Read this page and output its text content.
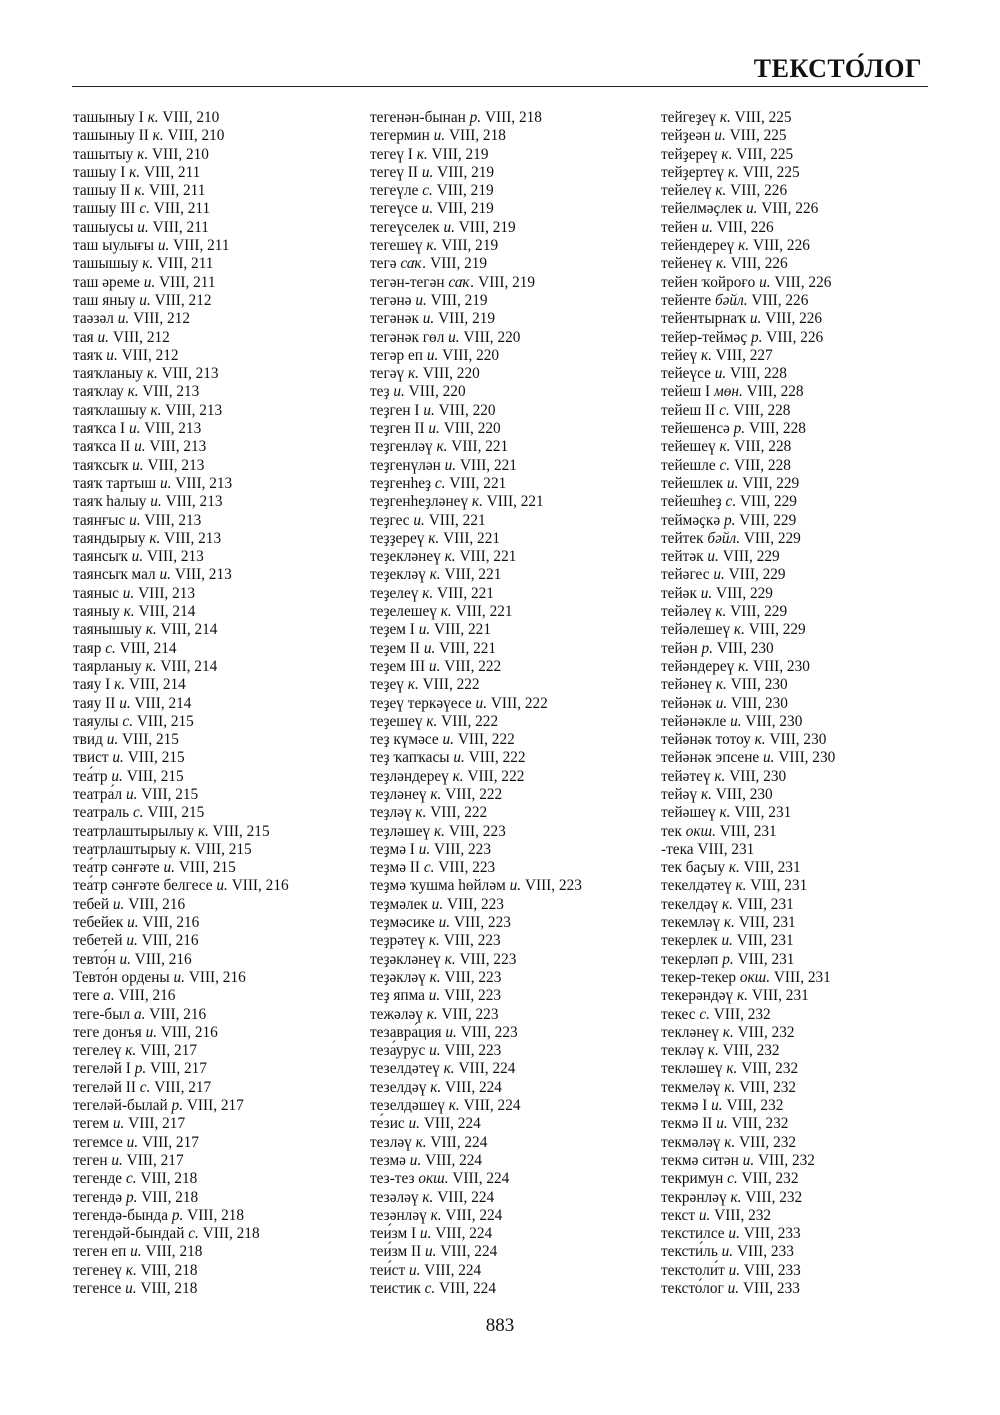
ТЕКСТО́ЛОГ
ташыныу I к. VIII, 210
ташыныу II к. VIII, 210
ташытыу к. VIII, 210
ташыу I к. VIII, 211
ташыу II к. VIII, 211
ташыу III с. VIII, 211
ташыусы и. VIII, 211
таш ыулығы и. VIII, 211
ташышыу к. VIII, 211
таш әреме и. VIII, 211
таш яныу и. VIII, 212
таәзәл и. VIII, 212
тая и. VIII, 212
таяҡ и. VIII, 212
таяҡланыу к. VIII, 213
таяҡлау к. VIII, 213
таяҡлашыу к. VIII, 213
таяҡса I и. VIII, 213
таяҡса II и. VIII, 213
таяҡсыҡ и. VIII, 213
таяҡ тартыш и. VIII, 213
таяҡ һалыу и. VIII, 213
таянғыс и. VIII, 213
таяндырыу к. VIII, 213
таянсыҡ и. VIII, 213
таянсыҡ мал и. VIII, 213
таяныс и. VIII, 213
таяныу к. VIII, 214
таянышыу к. VIII, 214
таяр с. VIII, 214
таярланыу к. VIII, 214
таяу I к. VIII, 214
таяу II и. VIII, 214
таяулы с. VIII, 215
твид и. VIII, 215
твист и. VIII, 215
теа́тр и. VIII, 215
театра́л и. VIII, 215
театраль с. VIII, 215
театрлаштырылыу к. VIII, 215
театрлаштырыу к. VIII, 215
теа́тр сәнғәте и. VIII, 215
теа́тр сәнғәте белгесе и. VIII, 216
тебей и. VIII, 216
тебейек и. VIII, 216
тебетей и. VIII, 216
тевто́н и. VIII, 216
Тевто́н ордены и. VIII, 216
теге а. VIII, 216
теге-был а. VIII, 216
теге донъя и. VIII, 216
тегелеү к. VIII, 217
тегеләй I р. VIII, 217
тегеләй II с. VIII, 217
тегеләй-былай р. VIII, 217
тегем и. VIII, 217
тегемсе и. VIII, 217
теген и. VIII, 217
тегенде с. VIII, 218
тегендә р. VIII, 218
тегендә-бында р. VIII, 218
тегендәй-бындай с. VIII, 218
теген еп и. VIII, 218
тегенеү к. VIII, 218
тегенсе и. VIII, 218
тегенән-бынан р. VIII, 218
тегермин и. VIII, 218
тегеү I к. VIII, 219
тегеү II и. VIII, 219
тегеүле с. VIII, 219
тегеүсе и. VIII, 219
тегеүселек и. VIII, 219
тегешеү к. VIII, 219
тегә саҡ. VIII, 219
тегән-тегән саҡ. VIII, 219
тегәнә и. VIII, 219
тегәнәк и. VIII, 219
тегәнәк гөл и. VIII, 220
тегәр еп и. VIII, 220
тегәү к. VIII, 220
теҙ и. VIII, 220
теҙген I и. VIII, 220
теҙген II и. VIII, 220
теҙгенләү к. VIII, 221
теҙгенүлән и. VIII, 221
теҙгенһеҙ с. VIII, 221
теҙгенһеҙләнеү к. VIII, 221
теҙгес и. VIII, 221
теҙҙереү к. VIII, 221
теҙекләнеү к. VIII, 221
теҙекләү к. VIII, 221
теҙелеү к. VIII, 221
теҙелешеү к. VIII, 221
теҙем I и. VIII, 221
теҙем II и. VIII, 221
теҙем III и. VIII, 222
теҙеү к. VIII, 222
теҙеү теркәүесе и. VIII, 222
теҙешеү к. VIII, 222
теҙ күмәсе и. VIII, 222
теҙ ҡапҡасы и. VIII, 222
теҙләндереү к. VIII, 222
теҙләнеү к. VIII, 222
теҙләү к. VIII, 222
теҙләшеү к. VIII, 223
теҙмә I и. VIII, 223
теҙмә II с. VIII, 223
теҙмә ҡушма һөйләм и. VIII, 223
теҙмәлек и. VIII, 223
теҙмәсике и. VIII, 223
теҙрәтеү к. VIII, 223
теҙәкләнеү к. VIII, 223
теҙәкләү к. VIII, 223
теҙ япма и. VIII, 223
тежәләү к. VIII, 223
тезавра́ция и. VIII, 223
теза́урус и. VIII, 223
тезелдәтеү к. VIII, 224
тезелдәү к. VIII, 224
тезелдәшеү к. VIII, 224
те́зис и. VIII, 224
тезләү к. VIII, 224
тезмә и. VIII, 224
тез-тез окш. VIII, 224
тезәләү к. VIII, 224
тезәнләү к. VIII, 224
теи́зм I и. VIII, 224
теи́зм II и. VIII, 224
теи́ст и. VIII, 224
теистик с. VIII, 224
тейгеҙеү к. VIII, 225
тейҙеән и. VIII, 225
тейҙереү к. VIII, 225
тейҙертеү к. VIII, 225
тейелеү к. VIII, 226
тейелмәҫлек и. VIII, 226
тейен и. VIII, 226
тейендереү к. VIII, 226
тейенеү к. VIII, 226
тейен ҡойроғо и. VIII, 226
тейенте бәйл. VIII, 226
тейентырнаҡ и. VIII, 226
тейер-теймәҫ р. VIII, 226
тейеү к. VIII, 227
тейеүсе и. VIII, 228
тейеш I мөн. VIII, 228
тейеш II с. VIII, 228
тейешенсә р. VIII, 228
тейешеү к. VIII, 228
тейешле с. VIII, 228
тейешлек и. VIII, 229
тейешһеҙ с. VIII, 229
теймәҫкә р. VIII, 229
тейтек бәйл. VIII, 229
тейтәк и. VIII, 229
тейәгес и. VIII, 229
тейәк и. VIII, 229
тейәлеү к. VIII, 229
тейәлешеү к. VIII, 229
тейән р. VIII, 230
тейәндереү к. VIII, 230
тейәнеү к. VIII, 230
тейәнәк и. VIII, 230
тейәнәкле и. VIII, 230
тейәнәк тотоу к. VIII, 230
тейәнәк эпсене и. VIII, 230
тейәтеү к. VIII, 230
тейәү к. VIII, 230
тейәшеү к. VIII, 231
тек окш. VIII, 231
-тека VIII, 231
тек баҫыу к. VIII, 231
текелдәтеү к. VIII, 231
текелдәү к. VIII, 231
текемләү к. VIII, 231
текерлек и. VIII, 231
текерләп р. VIII, 231
текер-текер окш. VIII, 231
текерәндәү к. VIII, 231
текес с. VIII, 232
текләнеү к. VIII, 232
текләү к. VIII, 232
текләшеү к. VIII, 232
текмеләү к. VIII, 232
текмә I и. VIII, 232
текмә II и. VIII, 232
текмәләү к. VIII, 232
текмә ситән и. VIII, 232
текримун с. VIII, 232
текрәнләү к. VIII, 232
текст и. VIII, 232
текстилсе и. VIII, 233
тексти́ль и. VIII, 233
текстоли́т и. VIII, 233
тексто́лог и. VIII, 233
883
